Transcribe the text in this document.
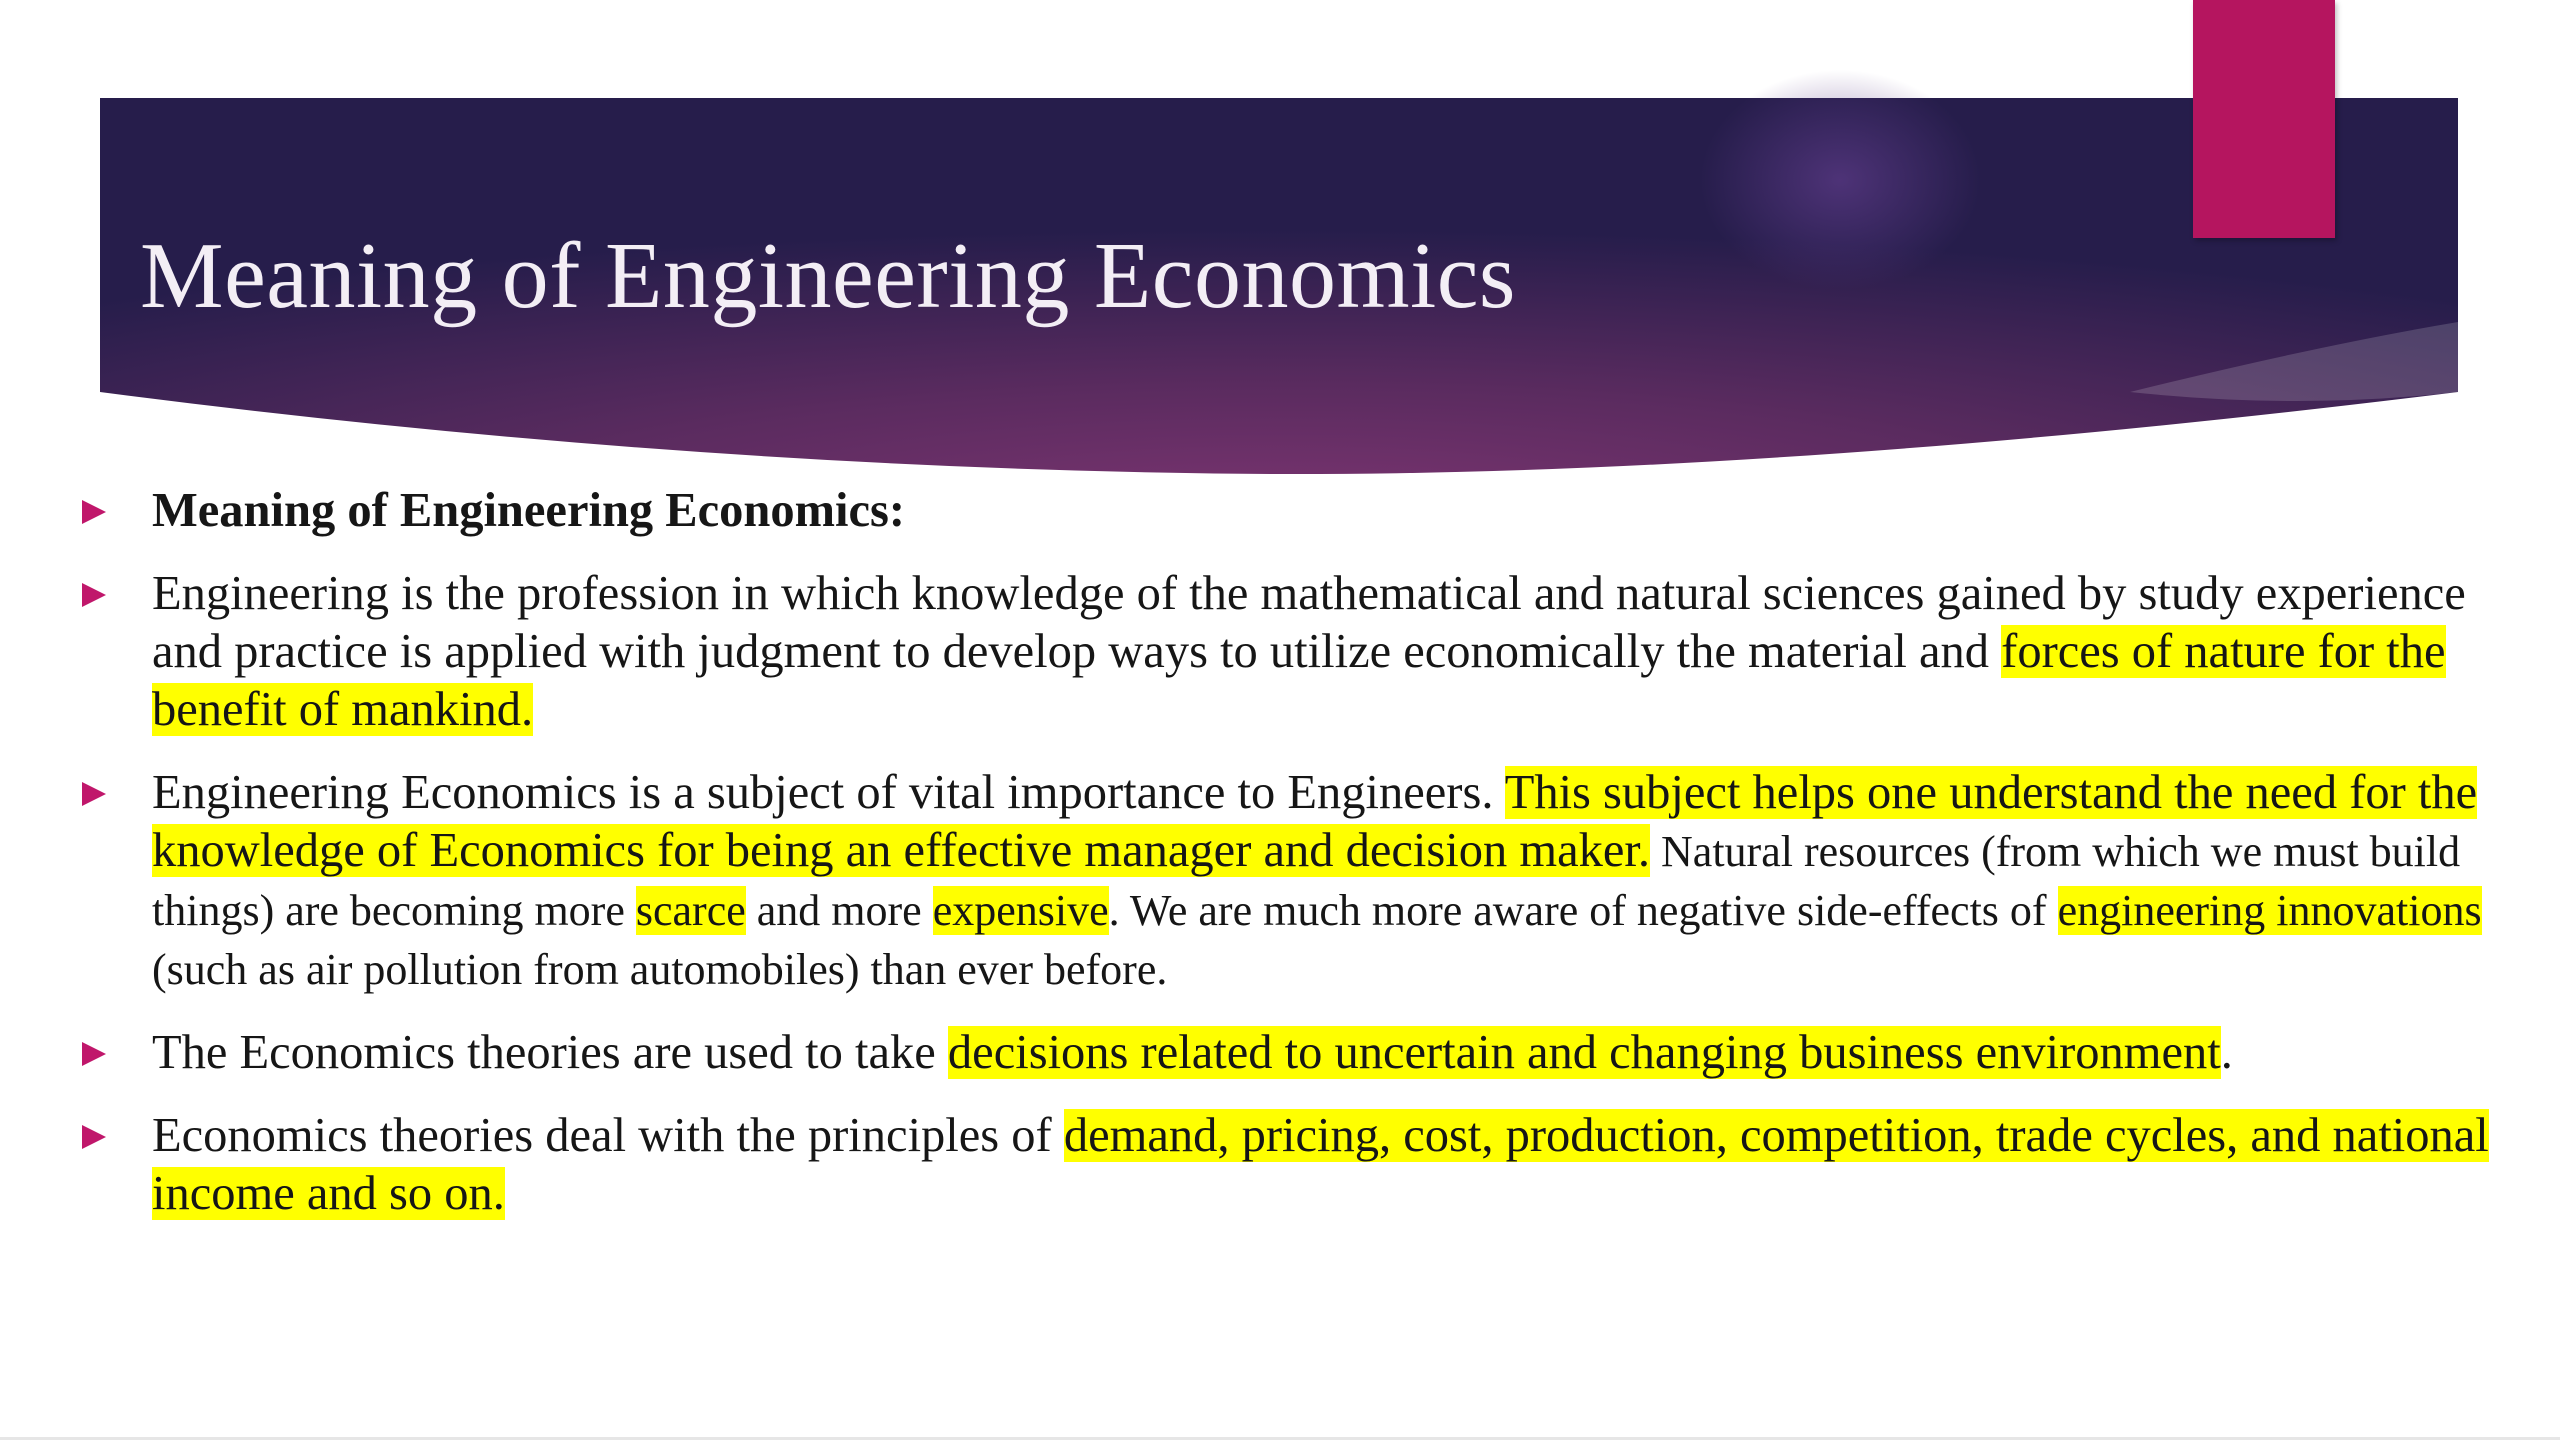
Meaning of Engineering Economics
Meaning of Engineering Economics:
Engineering is the profession in which knowledge of the mathematical and natural sciences gained by study experience and practice is applied with judgment to develop ways to utilize economically the material and forces of nature for the benefit of mankind.
Engineering Economics is a subject of vital importance to Engineers. This subject helps one understand the need for the knowledge of Economics for being an effective manager and decision maker. Natural resources (from which we must build things) are becoming more scarce and more expensive. We are much more aware of negative side-effects of engineering innovations (such as air pollution from automobiles) than ever before.
The Economics theories are used to take decisions related to uncertain and changing business environment.
Economics theories deal with the principles of demand, pricing, cost, production, competition, trade cycles, and national income and so on.
